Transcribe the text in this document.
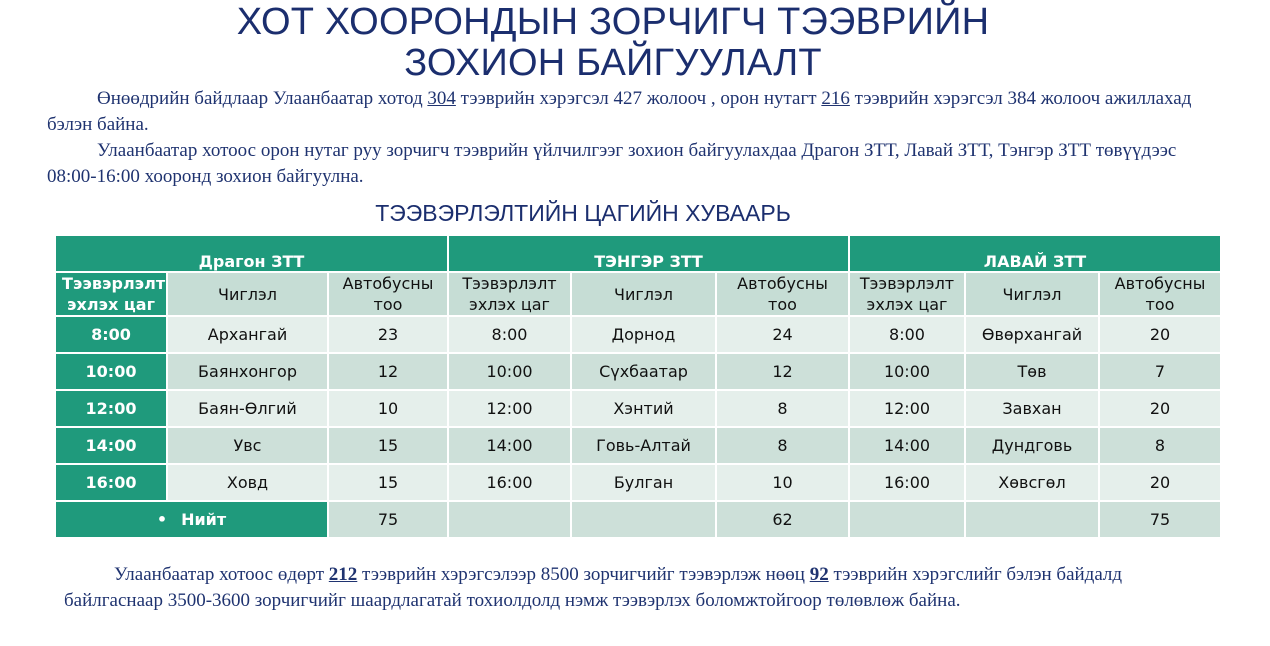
ХОТ ХООРОНДЫН ЗОРЧИГЧ ТЭЭВРИЙН
ЗОХИОН БАЙГУУЛАЛТ
Өнөөдрийн байдлаар Улаанбаатар хотод 304 тээврийн хэрэгсэл 427 жолооч , орон нутагт 216 тээврийн хэрэгсэл 384 жолооч ажиллахад бэлэн байна.
Улаанбаатар хотоос орон нутаг руу зорчигч тээврийн үйлчилгээг зохион байгуулахдаа Драгон ЗТТ, Лавай ЗТТ, Тэнгэр ЗТТ төвүүдээс 08:00-16:00 хооронд зохион байгуулна.
ТЭЭВЭРЛЭЛТИЙН ЦАГИЙН ХУВААРЬ
Драгон ЗТТ			ТЭНГЭР ЗТТ			ЛАВАЙ ЗТТ		
Тээвэрлэлт эхлэх цаг	Чиглэл	Автобусны тоо	Тээвэрлэлт эхлэх цаг	Чиглэл	Автобусны тоо	Тээвэрлэлт эхлэх цаг	Чиглэл	Автобусны тоо
8:00	Архангай	23	8:00	Дорнод	24	8:00	Өвөрхангай	20
10:00	Баянхонгор	12	10:00	Сүхбаатар	12	10:00	Төв	7
12:00	Баян-Өлгий	10	12:00	Хэнтий	8	12:00	Завхан	20
14:00	Увс	15	14:00	Говь-Алтай	8	14:00	Дундговь	8
16:00	Ховд	15	16:00	Булган	10	16:00	Хөвсгөл	20
• Нийт		75			62			75
Улаанбаатар хотоос өдөрт 212 тээврийн хэрэгсэлээр 8500 зорчигчийг тээвэрлэж нөөц 92 тээврийн хэрэгслийг бэлэн байдалд байлгаснаар 3500-3600 зорчигчийг шаардлагатай тохиолдолд нэмж тээвэрлэх боломжтойгоор төлөвлөж байна.
